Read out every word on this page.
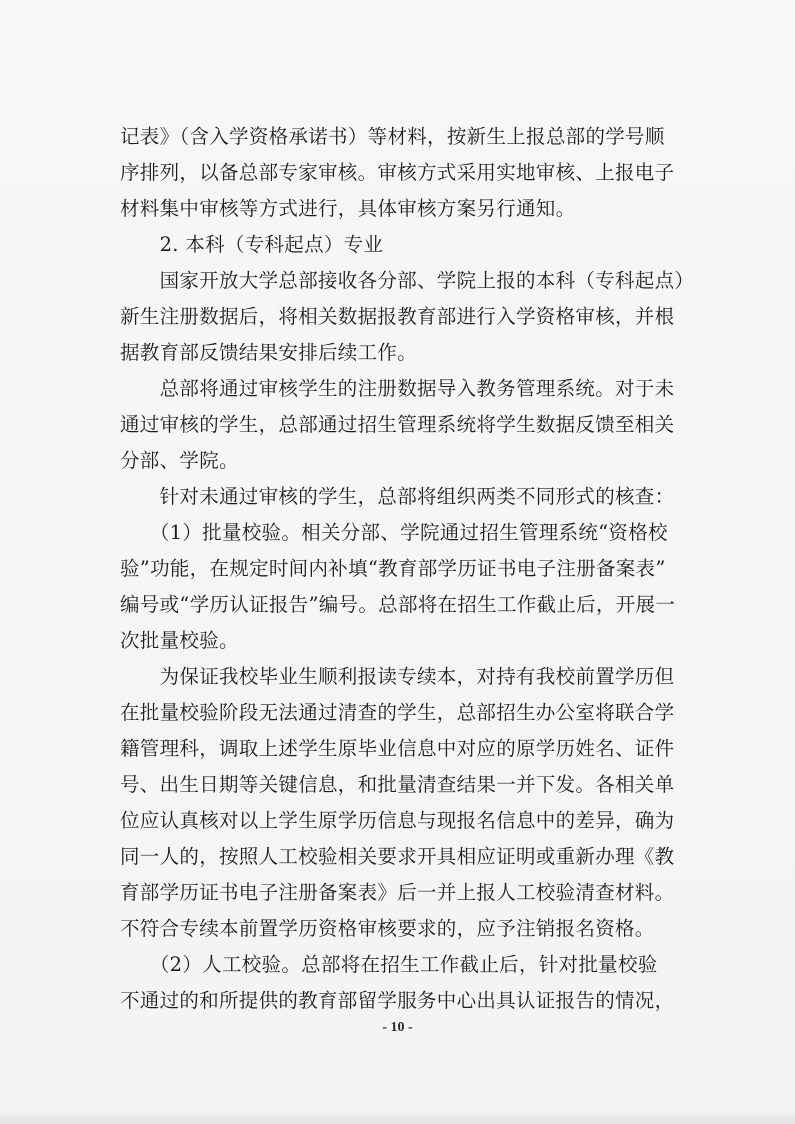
记表》（含入学资格承诺书）等材料，按新生上报总部的学号顺
序排列，以备总部专家审核。审核方式采用实地审核、上报电子
材料集中审核等方式进行，具体审核方案另行通知。
　　2. 本科（专科起点）专业
　　国家开放大学总部接收各分部、学院上报的本科（专科起点）
新生注册数据后，将相关数据报教育部进行入学资格审核，并根
据教育部反馈结果安排后续工作。
　　总部将通过审核学生的注册数据导入教务管理系统。对于未
通过审核的学生，总部通过招生管理系统将学生数据反馈至相关
分部、学院。
　　针对未通过审核的学生，总部将组织两类不同形式的核查：
　　（1）批量校验。相关分部、学院通过招生管理系统“资格校
验”功能，在规定时间内补填“教育部学历证书电子注册备案表”
编号或“学历认证报告”编号。总部将在招生工作截止后，开展一
次批量校验。
　　为保证我校毕业生顺利报读专续本，对持有我校前置学历但
在批量校验阶段无法通过清查的学生，总部招生办公室将联合学
籍管理科，调取上述学生原毕业信息中对应的原学历姓名、证件
号、出生日期等关键信息，和批量清查结果一并下发。各相关单
位应认真核对以上学生原学历信息与现报名信息中的差异，确为
同一人的，按照人工校验相关要求开具相应证明或重新办理《教
育部学历证书电子注册备案表》后一并上报人工校验清查材料。
不符合专续本前置学历资格审核要求的，应予注销报名资格。
　　（2）人工校验。总部将在招生工作截止后，针对批量校验
不通过的和所提供的教育部留学服务中心出具认证报告的情况，
- 10 -
